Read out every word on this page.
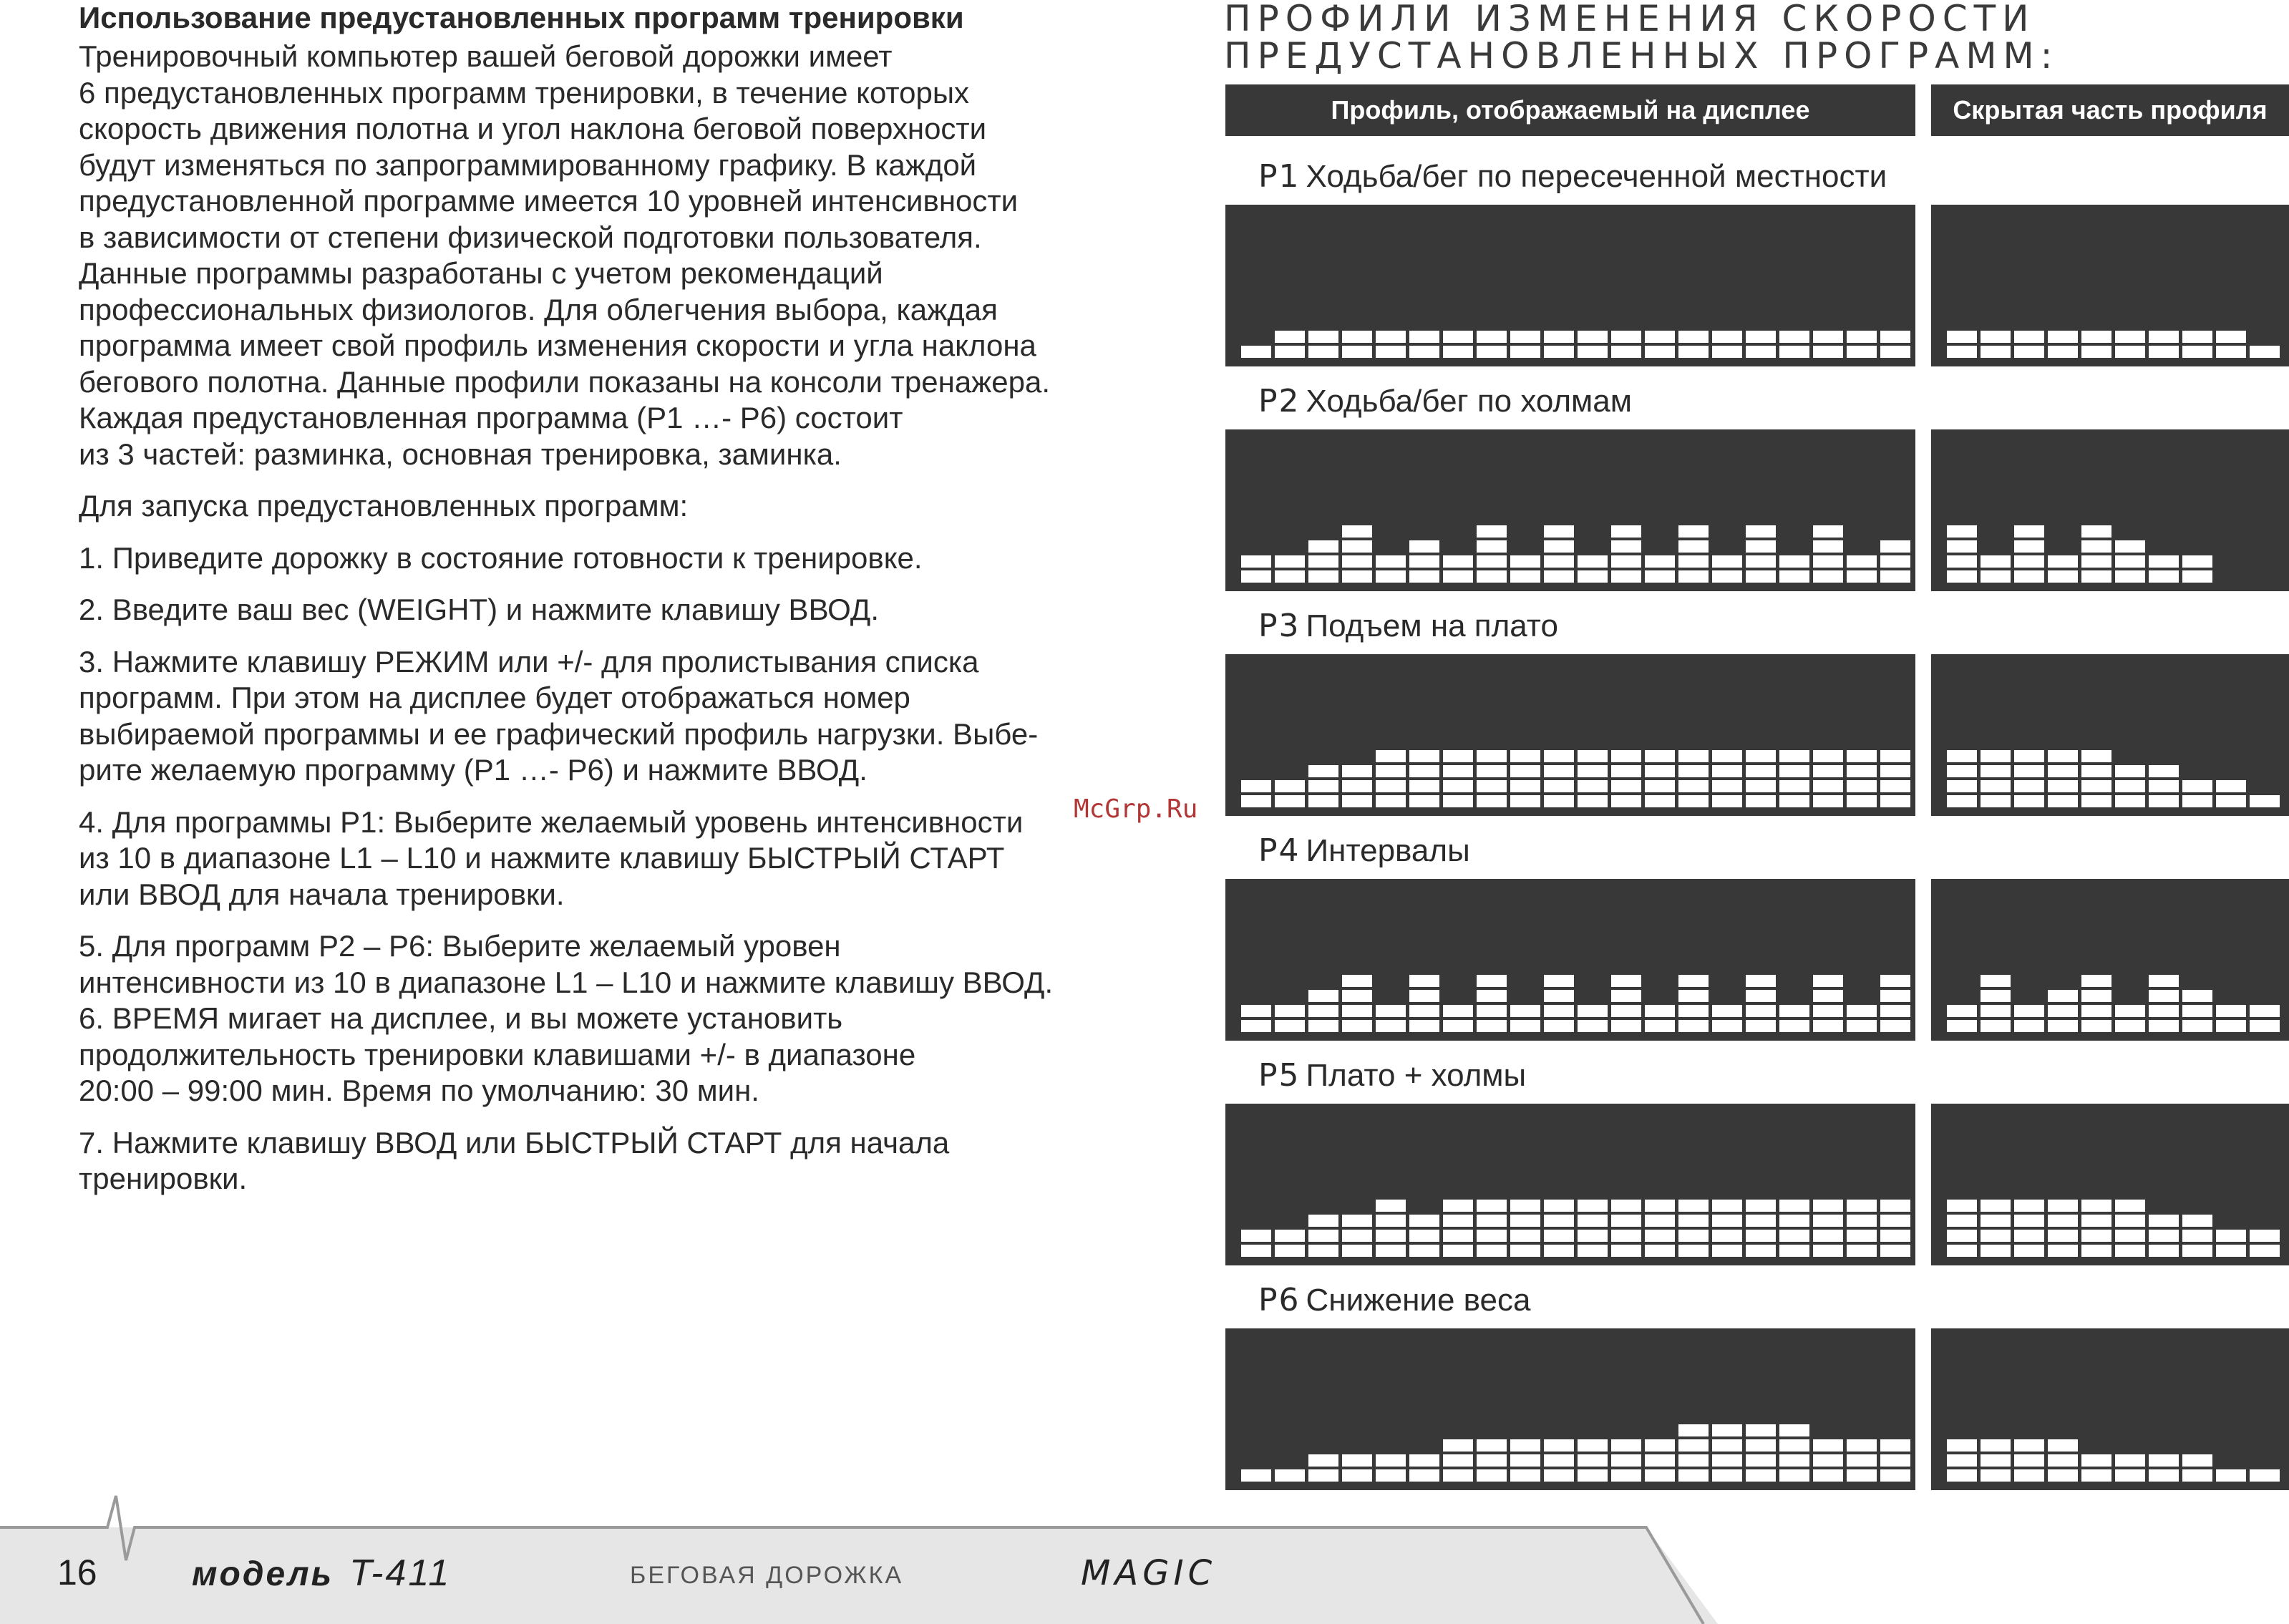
Использование предустановленных программ тренировки

Тренировочный компьютер вашей беговой дорожки имеет

6 предустановленных программ тренировки, в течение которых

скорость движения полотна и угол наклона беговой поверхности

будут изменяться по запрограммированному графику. В каждой

предустановленной программе имеется 10 уровней интенсивности

в зависимости от степени физической подготовки пользователя.

Данные программы разработаны с учетом рекомендаций

профессиональных физиологов. Для облегчения выбора, каждая

программа имеет свой профиль изменения скорости и угла наклона

бегового полотна. Данные профили показаны на консоли тренажера.

Каждая предустановленная программа (P1 …- P6) состоит

из 3 частей: разминка, основная тренировка, заминка.

Для запуска предустановленных программ:

1. Приведите дорожку в состояние готовности к тренировке.

2. Введите ваш вес (WEIGHT) и нажмите клавишу ВВОД.

3. Нажмите клавишу РЕЖИМ или +/- для пролистывания списка

программ. При этом на дисплее будет отображаться номер

выбираемой программы и ее графический профиль нагрузки. Выбе-

рите желаемую программу (P1 …- P6) и нажмите ВВОД.

4. Для программы P1: Выберите желаемый уровень интенсивности

из 10 в диапазоне L1 – L10 и нажмите клавишу БЫСТРЫЙ СТАРТ

или ВВОД для начала тренировки.

5. Для программ P2 – P6: Выберите желаемый уровен

интенсивности из 10 в диапазоне L1 – L10 и нажмите клавишу ВВОД.

6. ВРЕМЯ мигает на дисплее, и вы можете установить

продолжительность тренировки клавишами +/- в диапазоне

20:00 – 99:00 мин. Время по умолчанию: 30 мин.

7. Нажмите клавишу ВВОД или БЫСТРЫЙ СТАРТ для начала

тренировки.

McGrp.Ru
ПРОФИЛИ ИЗМЕНЕНИЯ СКОРОСТИ
ПРЕДУСТАНОВЛЕННЫХ ПРОГРАММ:
Профиль, отображаемый на дисплее	Скрытая часть профиля
P1 Ходьба/бег по пересеченной местности
P2 Ходьба/бег по холмам
P3 Подъем на плато
P4 Интервалы
P5 Плато + холмы
P6 Снижение веса
16	модель T-411	БЕГОВАЯ ДОРОЖКА	MAGIC
